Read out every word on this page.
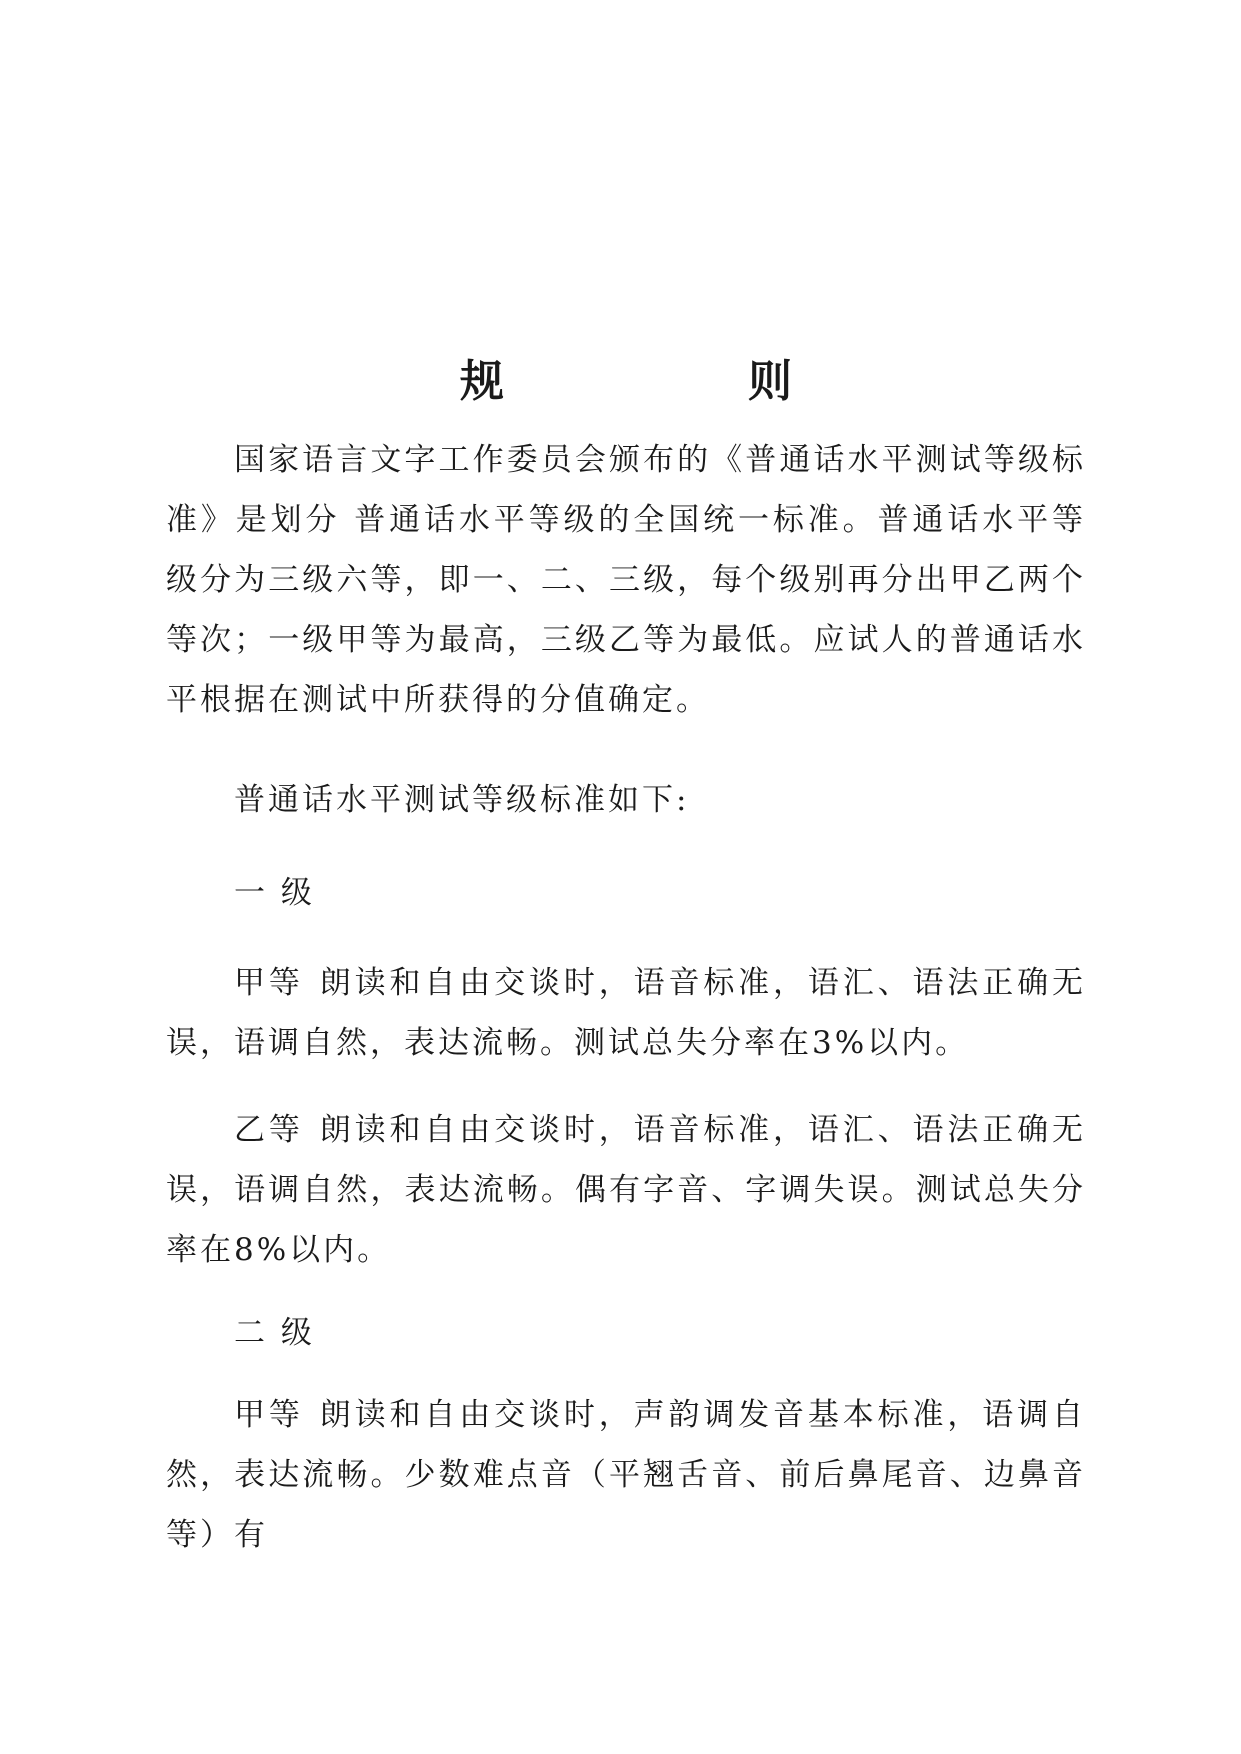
规　　则

国家语言文字工作委员会颁布的《普通话水平测试等级标准》是划分 普通话水平等级的全国统一标准。普通话水平等级分为三级六等，即一、二、三级，每个级别再分出甲乙两个等次；一级甲等为最高，三级乙等为最低。应试人的普通话水平根据在测试中所获得的分值确定。

普通话水平测试等级标准如下:

一 级

甲等 朗读和自由交谈时，语音标准，语汇、语法正确无误，语调自然，表达流畅。测试总失分率在3%以内。

乙等 朗读和自由交谈时，语音标准，语汇、语法正确无误，语调自然，表达流畅。偶有字音、字调失误。测试总失分率在8%以内。

二 级

甲等 朗读和自由交谈时，声韵调发音基本标准，语调自然，表达流畅。少数难点音（平翘舌音、前后鼻尾音、边鼻音等）有
